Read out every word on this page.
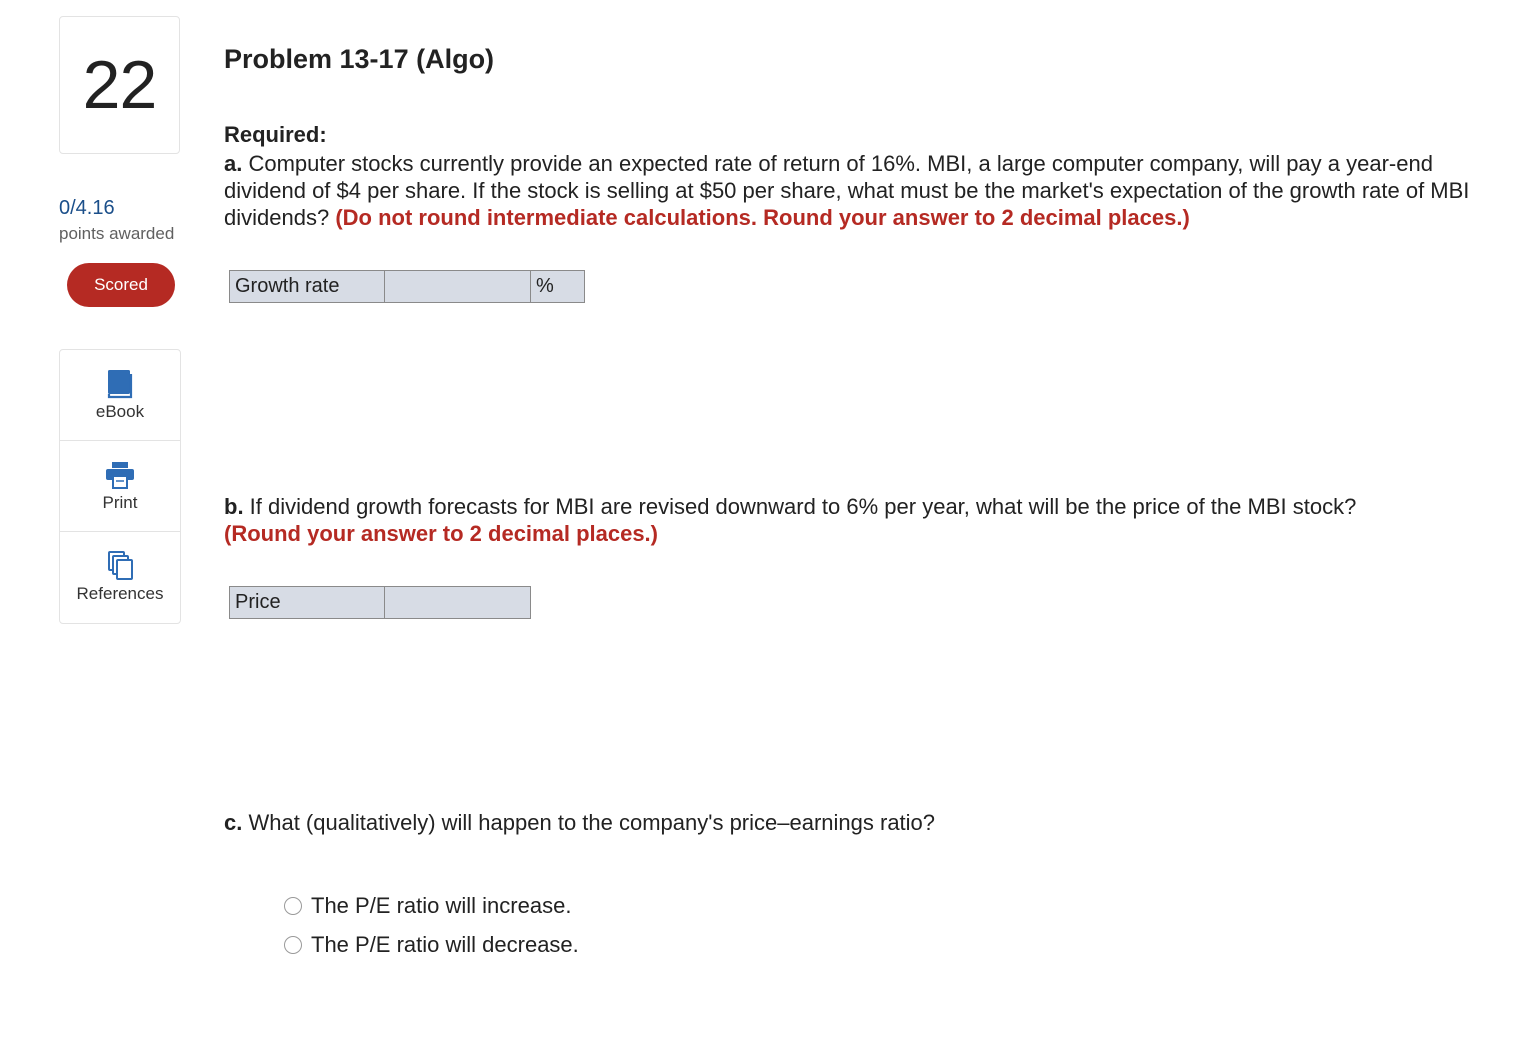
22
0/4.16
points awarded
Scored
eBook
Print
References
Problem 13-17 (Algo)
Required:
a. Computer stocks currently provide an expected rate of return of 16%. MBI, a large computer company, will pay a year-end dividend of $4 per share. If the stock is selling at $50 per share, what must be the market's expectation of the growth rate of MBI dividends? (Do not round intermediate calculations. Round your answer to 2 decimal places.)
Growth rate		%
b. If dividend growth forecasts for MBI are revised downward to 6% per year, what will be the price of the MBI stock?
(Round your answer to 2 decimal places.)
Price	
c. What (qualitatively) will happen to the company's price–earnings ratio?
The P/E ratio will increase.
The P/E ratio will decrease.
